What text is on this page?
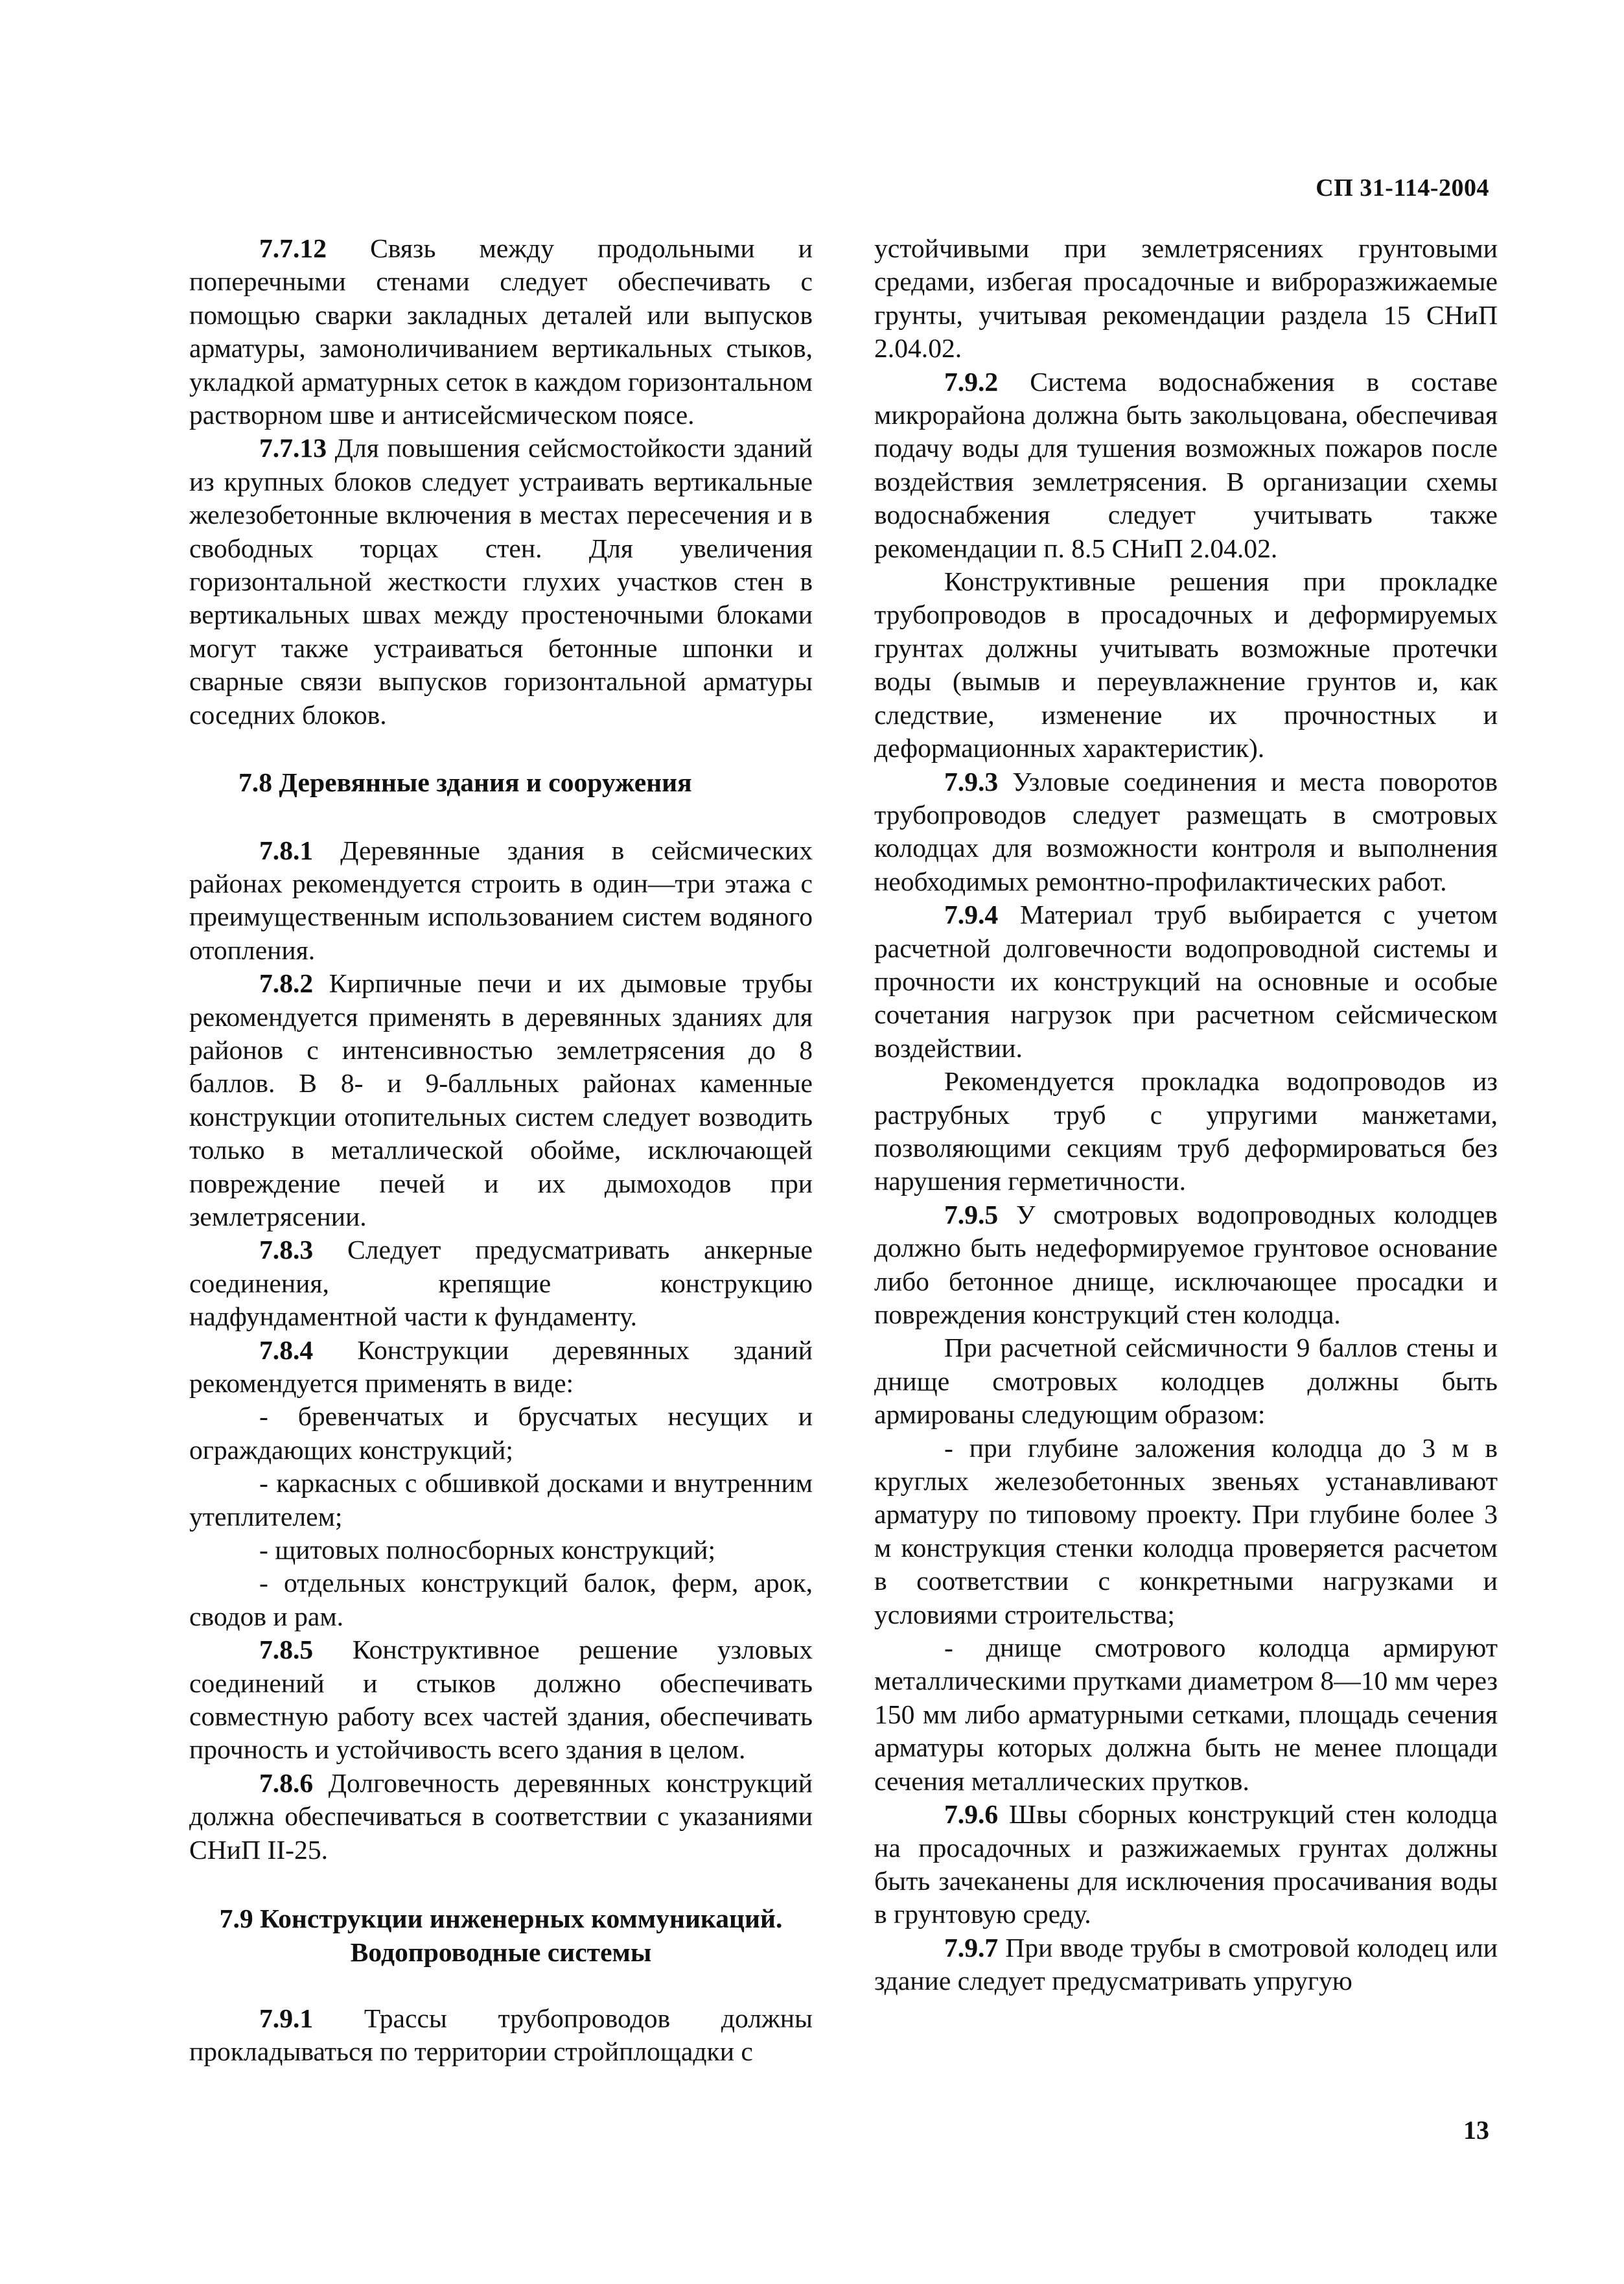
СП 31-114-2004

7.7.12 Связь между продольными и поперечными стенами следует обеспечивать с помощью сварки закладных деталей или выпусков арматуры, замоноличиванием вертикальных стыков, укладкой арматурных сеток в каждом горизонтальном растворном шве и антисейсмическом поясе.

7.7.13 Для повышения сейсмостойкости зданий из крупных блоков следует устраивать вертикальные железобетонные включения в местах пересечения и в свободных торцах стен. Для увеличения горизонтальной жесткости глухих участков стен в вертикальных швах между простеночными блоками могут также устраиваться бетонные шпонки и сварные связи выпусков горизонтальной арматуры соседних блоков.

7.8 Деревянные здания и сооружения

7.8.1 Деревянные здания в сейсмических районах рекомендуется строить в один—три этажа с преимущественным использованием систем водяного отопления.

7.8.2 Кирпичные печи и их дымовые трубы рекомендуется применять в деревянных зданиях для районов с интенсивностью землетрясения до 8 баллов. В 8- и 9-балльных районах каменные конструкции отопительных систем следует возводить только в металлической обойме, исключающей повреждение печей и их дымоходов при землетрясении.

7.8.3 Следует предусматривать анкерные соединения, крепящие конструкцию надфундаментной части к фундаменту.

7.8.4 Конструкции деревянных зданий рекомендуется применять в виде:

- бревенчатых и брусчатых несущих и ограждающих конструкций;

- каркасных с обшивкой досками и внутренним утеплителем;

- щитовых полносборных конструкций;

- отдельных конструкций балок, ферм, арок, сводов и рам.

7.8.5 Конструктивное решение узловых соединений и стыков должно обеспечивать совместную работу всех частей здания, обеспечивать прочность и устойчивость всего здания в целом.

7.8.6 Долговечность деревянных конструкций должна обеспечиваться в соответствии с указаниями СНиП II-25.

7.9 Конструкции инженерных коммуникаций.
Водопроводные системы

7.9.1 Трассы трубопроводов должны прокладываться по территории стройплощадки с

устойчивыми при землетрясениях грунтовыми средами, избегая просадочные и виброразжижаемые грунты, учитывая рекомендации раздела 15 СНиП 2.04.02.

7.9.2 Система водоснабжения в составе микрорайона должна быть закольцована, обеспечивая подачу воды для тушения возможных пожаров после воздействия землетрясения. В организации схемы водоснабжения следует учитывать также рекомендации п. 8.5 СНиП 2.04.02.

Конструктивные решения при прокладке трубопроводов в просадочных и деформируемых грунтах должны учитывать возможные протечки воды (вымыв и переувлажнение грунтов и, как следствие, изменение их прочностных и деформационных характеристик).

7.9.3 Узловые соединения и места поворотов трубопроводов следует размещать в смотровых колодцах для возможности контроля и выполнения необходимых ремонтно-профилактических работ.

7.9.4 Материал труб выбирается с учетом расчетной долговечности водопроводной системы и прочности их конструкций на основные и особые сочетания нагрузок при расчетном сейсмическом воздействии.

Рекомендуется прокладка водопроводов из раструбных труб с упругими манжетами, позволяющими секциям труб деформироваться без нарушения герметичности.

7.9.5 У смотровых водопроводных колодцев должно быть недеформируемое грунтовое основание либо бетонное днище, исключающее просадки и повреждения конструкций стен колодца.

При расчетной сейсмичности 9 баллов стены и днище смотровых колодцев должны быть армированы следующим образом:

- при глубине заложения колодца до 3 м в круглых железобетонных звеньях устанавливают арматуру по типовому проекту. При глубине более 3 м конструкция стенки колодца проверяется расчетом в соответствии с конкретными нагрузками и условиями строительства;

- днище смотрового колодца армируют металлическими прутками диаметром 8—10 мм через 150 мм либо арматурными сетками, площадь сечения арматуры которых должна быть не менее площади сечения металлических прутков.

7.9.6 Швы сборных конструкций стен колодца на просадочных и разжижаемых грунтах должны быть зачеканены для исключения просачивания воды в грунтовую среду.

7.9.7 При вводе трубы в смотровой колодец или здание следует предусматривать упругую

13
